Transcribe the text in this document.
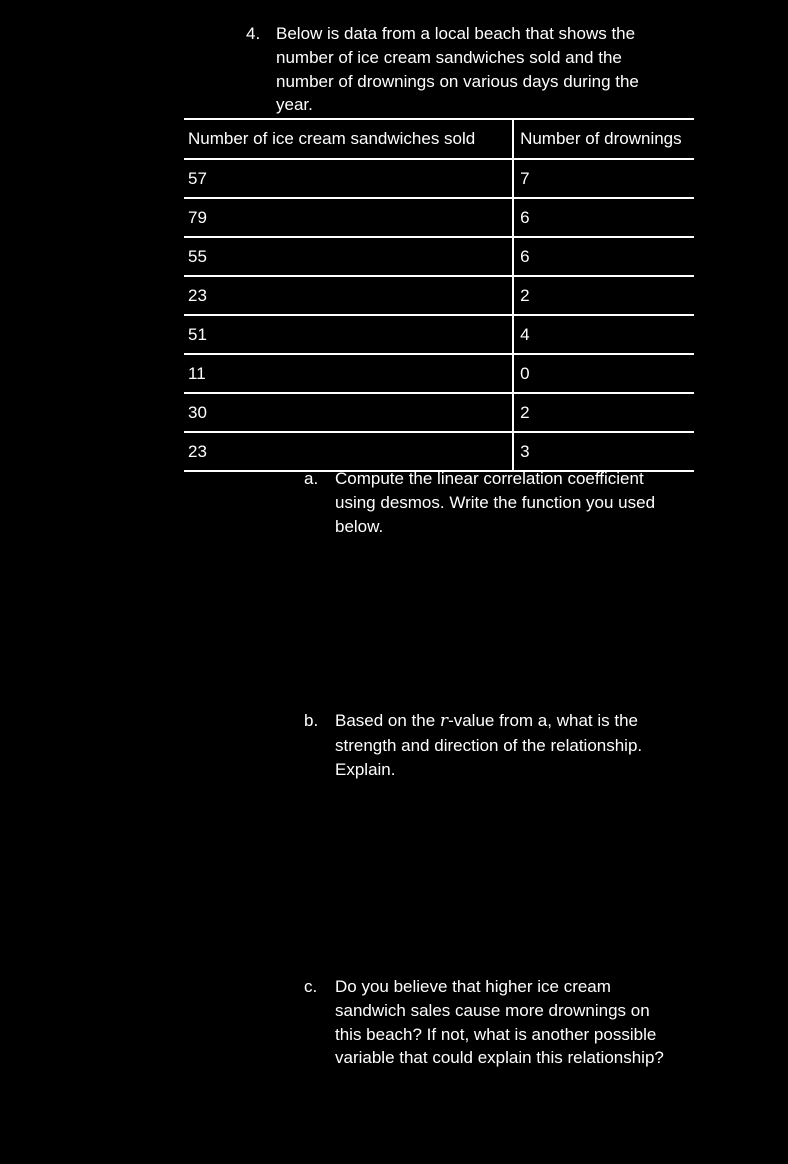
4. Below is data from a local beach that shows the number of ice cream sandwiches sold and the number of drownings on various days during the year.
Number of ice cream sandwiches sold	Number of drownings
57	7
79	6
55	6
23	2
51	4
11	0
30	2
23	3
a. Compute the linear correlation coefficient using desmos. Write the function you used below.
b. Based on the r-value from a, what is the strength and direction of the relationship. Explain.
c. Do you believe that higher ice cream sandwich sales cause more drownings on this beach? If not, what is another possible variable that could explain this relationship?
